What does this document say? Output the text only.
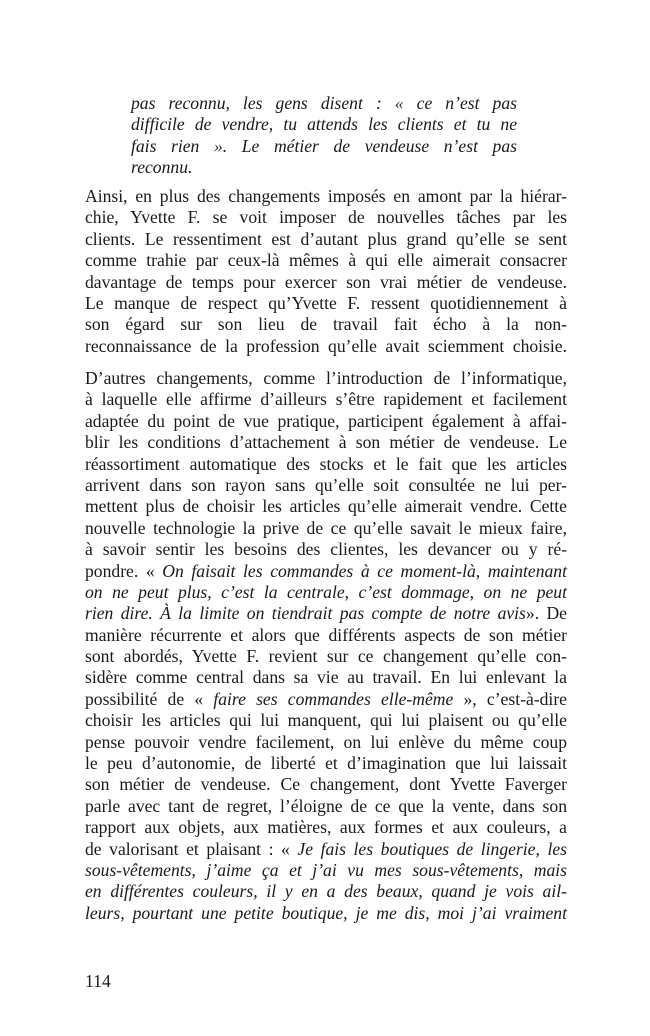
pas reconnu, les gens disent : « ce n’est pas
difficile de vendre, tu attends les clients et tu ne
fais rien ». Le métier de vendeuse n’est pas
reconnu.
Ainsi, en plus des changements imposés en amont par la hiérar-
chie, Yvette F. se voit imposer de nouvelles tâches par les
clients. Le ressentiment est d’autant plus grand qu’elle se sent
comme trahie par ceux-là mêmes à qui elle aimerait consacrer
davantage de temps pour exercer son vrai métier de vendeuse.
Le manque de respect qu’Yvette F. ressent quotidiennement à
son égard sur son lieu de travail fait écho à la non-
reconnaissance de la profession qu’elle avait sciemment choisie.
D’autres changements, comme l’introduction de l’informatique,
à laquelle elle affirme d’ailleurs s’être rapidement et facilement
adaptée du point de vue pratique, participent également à affai-
blir les conditions d’attachement à son métier de vendeuse. Le
réassortiment automatique des stocks et le fait que les articles
arrivent dans son rayon sans qu’elle soit consultée ne lui per-
mettent plus de choisir les articles qu’elle aimerait vendre. Cette
nouvelle technologie la prive de ce qu’elle savait le mieux faire,
à savoir sentir les besoins des clientes, les devancer ou y ré-
pondre. « On faisait les commandes à ce moment-là, maintenant
on ne peut plus, c’est la centrale, c’est dommage, on ne peut
rien dire. À la limite on tiendrait pas compte de notre avis». De
manière récurrente et alors que différents aspects de son métier
sont abordés, Yvette F. revient sur ce changement qu’elle con-
sidère comme central dans sa vie au travail. En lui enlevant la
possibilité de « faire ses commandes elle-même », c’est-à-dire
choisir les articles qui lui manquent, qui lui plaisent ou qu’elle
pense pouvoir vendre facilement, on lui enlève du même coup
le peu d’autonomie, de liberté et d’imagination que lui laissait
son métier de vendeuse. Ce changement, dont Yvette Faverger
parle avec tant de regret, l’éloigne de ce que la vente, dans son
rapport aux objets, aux matières, aux formes et aux couleurs, a
de valorisant et plaisant : « Je fais les boutiques de lingerie, les
sous-vêtements, j’aime ça et j’ai vu mes sous-vêtements, mais
en différentes couleurs, il y en a des beaux, quand je vois ail-
leurs, pourtant une petite boutique, je me dis, moi j’ai vraiment
114
